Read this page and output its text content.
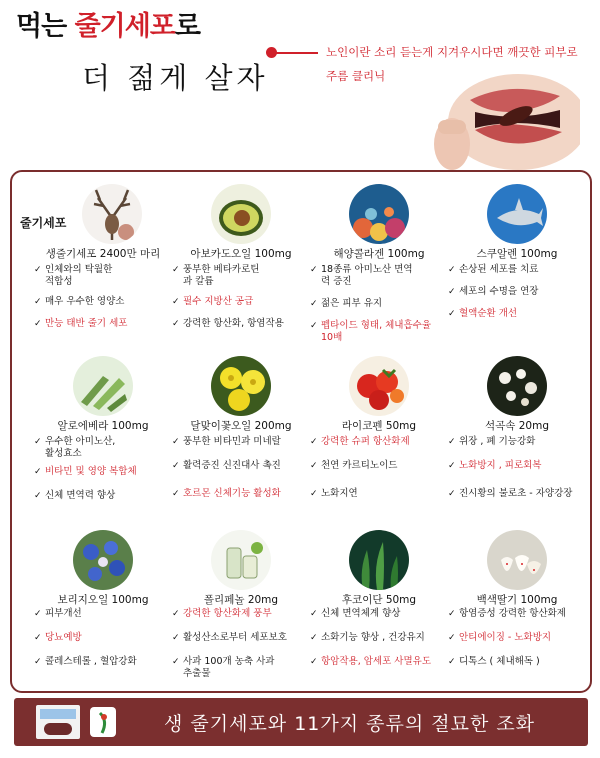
먹는 줄기세포로
더 젊게 살자
노인이란 소리 듣는게 지겨우시다면 깨끗한 피부로
주름 클리닉
줄기세포
생줄기세포 2400만 마리
✓ 인체와의 탁월한
적합성
✓ 매우 우수한 영양소
✓ 만능 태반 줄기 세포
아보카도오일 100mg
✓ 풍부한 베타카로틴
과 칼륨
✓ 필수 지방산 공급
✓ 강력한 항산화, 항염작용
해양콜라겐 100mg
✓ 18종류 아미노산 면역
력 증진
✓ 젊은 피부 유지
✓ 펩타이드 형태, 체내흡수율
10배
스쿠알렌 100mg
✓ 손상된 세포를 치료
✓ 세포의 수명을 연장
✓ 혈액순환 개선
알로에베라 100mg
✓ 우수한 아미노산,
활성효소
✓ 비타민 및 영양 복합체
✓ 신체 면역력 향상
달맞이꽃오일 200mg
✓ 풍부한 비타민과 미네랄
✓ 활력증진 신진대사 촉진
✓ 호르몬 신체기능 활성화
라이코펜 50mg
✓ 강력한 슈퍼 항산화제
✓ 천연 카르티노이드
✓ 노화지연
석곡속 20mg
✓ 위장 , 폐 기능강화
✓ 노화방지 , 피로회복
✓ 진시황의 불로초 - 자양강장
보리지오일 100mg
✓ 피부개선
✓ 당뇨예방
✓ 콜레스테롤 , 혈압강화
폴리페놀 20mg
✓ 강력한 항산화제 풍부
✓ 활성산소로부터 세포보호
✓ 사과 100개 농축 사과
추출물
후코이단 50mg
✓ 신체 면역체계 향상
✓ 소화기능 향상 , 건강유지
✓ 항암작용, 암세포 사멸유도
백색딸기 100mg
✓ 항염증성 강력한 항산화제
✓ 안티에이징 - 노화방지
✓ 디톡스 ( 체내해독 )
생 줄기세포와 11가지 종류의 절묘한 조화
